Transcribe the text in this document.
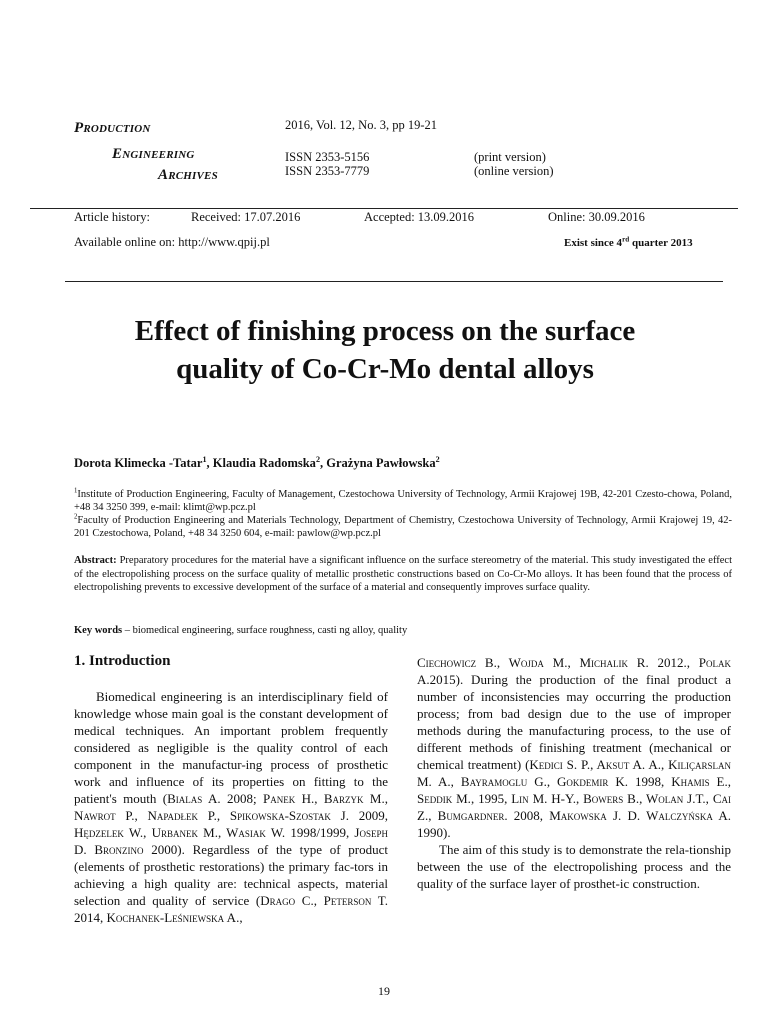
Production
Engineering
Archives
2016, Vol. 12, No. 3, pp 19-21
ISSN 2353-5156	(print version)
ISSN 2353-7779	(online version)
Article history:	Received: 17.07.2016	Accepted: 13.09.2016	Online: 30.09.2016
Available online on: http://www.qpij.pl	Exist since 4rd quarter 2013
Effect of finishing process on the surface quality of Co-Cr-Mo dental alloys
Dorota Klimecka -Tatar$^1$, Klaudia Radomska$^2$, Grażyna Pawłowska$^2$
$^1$Institute of Production Engineering, Faculty of Management, Czestochowa University of Technology, Armii Krajowej 19B, 42-201 Czesto-chowa, Poland, +48 34 3250 399, e-mail: klimt@wp.pcz.pl
$^2$Faculty of Production Engineering and Materials Technology, Department of Chemistry, Czestochowa University of Technology, Armii Krajowej 19, 42-201 Czestochowa, Poland, +48 34 3250 604, e-mail: pawlow@wp.pcz.pl
Abstract: Preparatory procedures for the material have a significant influence on the surface stereometry of the material. This study investigated the effect of the electropolishing process on the surface quality of metallic prosthetic constructions based on Co-Cr-Mo alloys. It has been found that the process of electropolishing prevents to excessive development of the surface of a material and consequently improves surface quality.
Key words – biomedical engineering, surface roughness, casti ng alloy, quality
1. Introduction
Biomedical engineering is an interdisciplinary field of knowledge whose main goal is the constant development of medical techniques. An important problem frequently considered as negligible is the quality control of each component in the manufactur-ing process of prosthetic work and influence of its properties on fitting to the patient's mouth (Bialas A. 2008; Panek H., Barzyk M., Nawrot P., Napadłek P., Spikowska-Szostak J. 2009, Hędzelek W., Urbanek M., Wasiak W. 1998/1999, Joseph D. Bronzino 2000). Regardless of the type of product (elements of prosthetic restorations) the primary fac-tors in achieving a high quality are: technical aspects, material selection and quality of service (Drago C., Peterson T. 2014, Kochanek-Leśniewska A.,
Ciechowicz B., Wojda M., Michalik R. 2012., Polak A.2015). During the production of the final product a number of inconsistencies may occurring the production process; from bad design due to the use of improper methods during the manufacturing process, to the use of different methods of finishing treatment (mechanical or chemical treatment) (Kedici S. P., Aksut A. A., Kiliçarslan M. A., Bayramoglu G., Gokdemir K. 1998, Khamis E., Seddik M., 1995, Lin M. H-Y., Bowers B., Wolan J.T., Cai Z., Bumgardner. 2008, Makowska J. D. Walczyńska A. 1990).
The aim of this study is to demonstrate the rela-tionship between the use of the electropolishing process and the quality of the surface layer of prosthet-ic construction.
19
